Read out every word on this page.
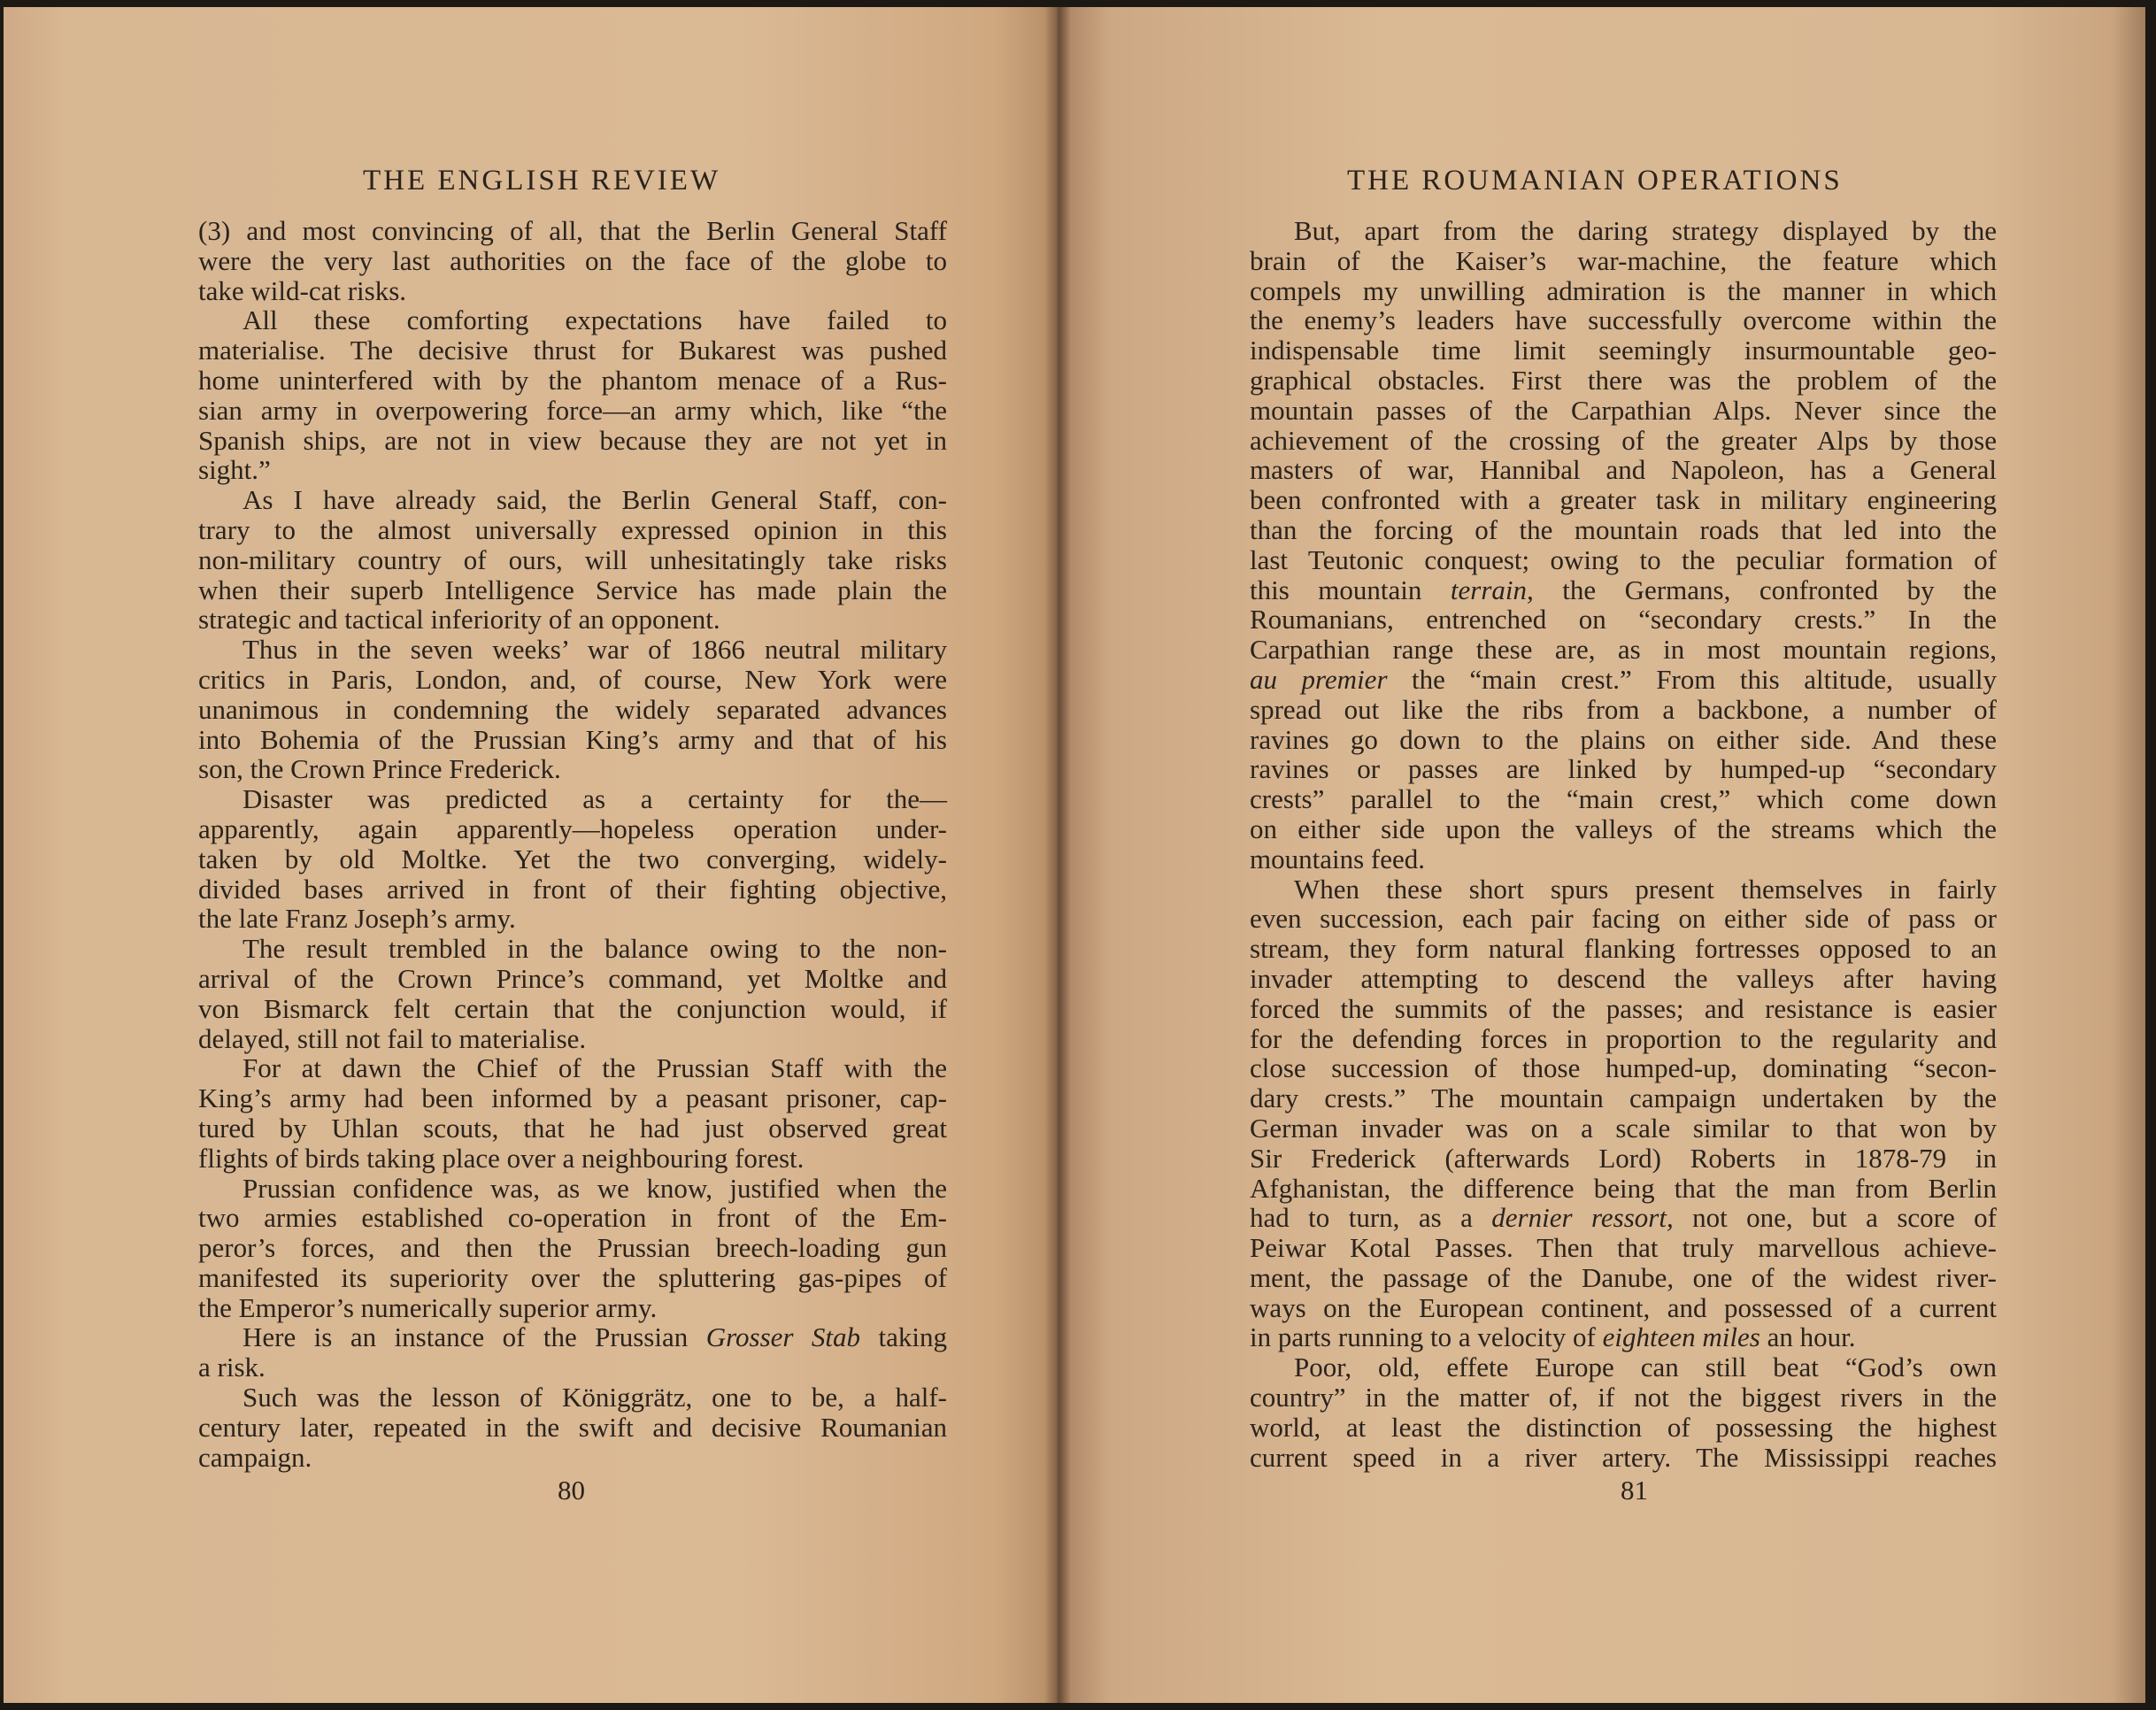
THE ENGLISH REVIEW
(3) and most convincing of all, that the Berlin General Staff
were the very last authorities on the face of the globe to
take wild-cat risks.
All these comforting expectations have failed to
materialise. The decisive thrust for Bukarest was pushed
home uninterfered with by the phantom menace of a Rus-
sian army in overpowering force—an army which, like “the
Spanish ships, are not in view because they are not yet in
sight.”
As I have already said, the Berlin General Staff, con-
trary to the almost universally expressed opinion in this
non-military country of ours, will unhesitatingly take risks
when their superb Intelligence Service has made plain the
strategic and tactical inferiority of an opponent.
Thus in the seven weeks’ war of 1866 neutral military
critics in Paris, London, and, of course, New York were
unanimous in condemning the widely separated advances
into Bohemia of the Prussian King’s army and that of his
son, the Crown Prince Frederick.
Disaster was predicted as a certainty for the—
apparently, again apparently—hopeless operation under-
taken by old Moltke. Yet the two converging, widely-
divided bases arrived in front of their fighting objective,
the late Franz Joseph’s army.
The result trembled in the balance owing to the non-
arrival of the Crown Prince’s command, yet Moltke and
von Bismarck felt certain that the conjunction would, if
delayed, still not fail to materialise.
For at dawn the Chief of the Prussian Staff with the
King’s army had been informed by a peasant prisoner, cap-
tured by Uhlan scouts, that he had just observed great
flights of birds taking place over a neighbouring forest.
Prussian confidence was, as we know, justified when the
two armies established co-operation in front of the Em-
peror’s forces, and then the Prussian breech-loading gun
manifested its superiority over the spluttering gas-pipes of
the Emperor’s numerically superior army.
Here is an instance of the Prussian Grosser Stab taking
a risk.
Such was the lesson of Königgrätz, one to be, a half-
century later, repeated in the swift and decisive Roumanian
campaign.
80
THE ROUMANIAN OPERATIONS
But, apart from the daring strategy displayed by the
brain of the Kaiser’s war-machine, the feature which
compels my unwilling admiration is the manner in which
the enemy’s leaders have successfully overcome within the
indispensable time limit seemingly insurmountable geo-
graphical obstacles. First there was the problem of the
mountain passes of the Carpathian Alps. Never since the
achievement of the crossing of the greater Alps by those
masters of war, Hannibal and Napoleon, has a General
been confronted with a greater task in military engineering
than the forcing of the mountain roads that led into the
last Teutonic conquest; owing to the peculiar formation of
this mountain terrain, the Germans, confronted by the
Roumanians, entrenched on “secondary crests.” In the
Carpathian range these are, as in most mountain regions,
au premier the “main crest.” From this altitude, usually
spread out like the ribs from a backbone, a number of
ravines go down to the plains on either side. And these
ravines or passes are linked by humped-up “secondary
crests” parallel to the “main crest,” which come down
on either side upon the valleys of the streams which the
mountains feed.
When these short spurs present themselves in fairly
even succession, each pair facing on either side of pass or
stream, they form natural flanking fortresses opposed to an
invader attempting to descend the valleys after having
forced the summits of the passes; and resistance is easier
for the defending forces in proportion to the regularity and
close succession of those humped-up, dominating “secon-
dary crests.” The mountain campaign undertaken by the
German invader was on a scale similar to that won by
Sir Frederick (afterwards Lord) Roberts in 1878-79 in
Afghanistan, the difference being that the man from Berlin
had to turn, as a dernier ressort, not one, but a score of
Peiwar Kotal Passes. Then that truly marvellous achieve-
ment, the passage of the Danube, one of the widest river-
ways on the European continent, and possessed of a current
in parts running to a velocity of eighteen miles an hour.
Poor, old, effete Europe can still beat “God’s own
country” in the matter of, if not the biggest rivers in the
world, at least the distinction of possessing the highest
current speed in a river artery. The Mississippi reaches
81
